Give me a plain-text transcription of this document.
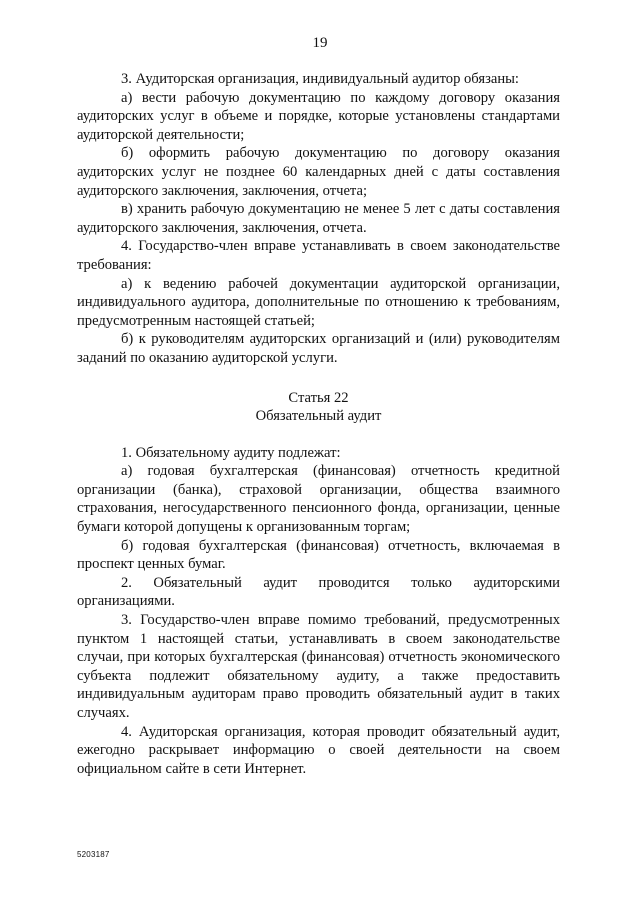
19

3. Аудиторская организация, индивидуальный аудитор обязаны:

а) вести рабочую документацию по каждому договору оказания аудиторских услуг в объеме и порядке, которые установлены стандартами аудиторской деятельности;

б) оформить рабочую документацию по договору оказания аудиторских услуг не позднее 60 календарных дней с даты составления аудиторского заключения, заключения, отчета;

в) хранить рабочую документацию не менее 5 лет с даты составления аудиторского заключения, заключения, отчета.

4. Государство-член вправе устанавливать в своем законодательстве требования:

а) к ведению рабочей документации аудиторской организации, индивидуального аудитора, дополнительные по отношению к требованиям, предусмотренным настоящей статьей;

б) к руководителям аудиторских организаций и (или) руководителям заданий по оказанию аудиторской услуги.

Статья 22

Обязательный аудит

1. Обязательному аудиту подлежат:

а) годовая бухгалтерская (финансовая) отчетность кредитной организации (банка), страховой организации, общества взаимного страхования, негосударственного пенсионного фонда, организации, ценные бумаги которой допущены к организованным торгам;

б) годовая бухгалтерская (финансовая) отчетность, включаемая в проспект ценных бумаг.

2. Обязательный аудит проводится только аудиторскими организациями.

3. Государство-член вправе помимо требований, предусмотренных пунктом 1 настоящей статьи, устанавливать в своем законодательстве случаи, при которых бухгалтерская (финансовая) отчетность экономического субъекта подлежит обязательному аудиту, а также предоставить индивидуальным аудиторам право проводить обязательный аудит в таких случаях.

4. Аудиторская организация, которая проводит обязательный аудит, ежегодно раскрывает информацию о своей деятельности на своем официальном сайте в сети Интернет.

5203187
